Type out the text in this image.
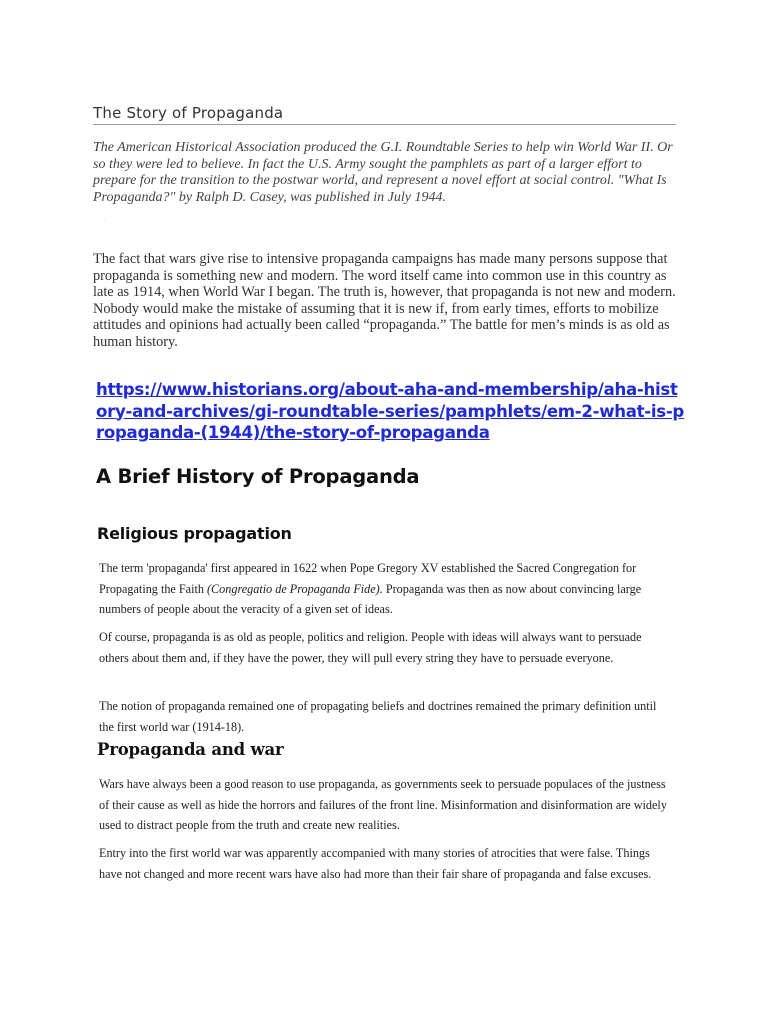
The Story of Propaganda

The American Historical Association produced the G.I. Roundtable Series to help win World War II. Or so they were led to believe. In fact the U.S. Army sought the pamphlets as part of a larger effort to prepare for the transition to the postwar world, and represent a novel effort at social control. "What Is Propaganda?" by Ralph D. Casey, was published in July 1944.

·

The fact that wars give rise to intensive propaganda campaigns has made many persons suppose that propaganda is something new and modern. The word itself came into common use in this country as late as 1914, when World War I began. The truth is, however, that propaganda is not new and modern. Nobody would make the mistake of assuming that it is new if, from early times, efforts to mobilize attitudes and opinions had actually been called “propaganda.” The battle for men’s minds is as old as human history.

https://www.historians.org/about-aha-and-membership/aha-history-and-archives/gi-roundtable-series/pamphlets/em-2-what-is-propaganda-(1944)/the-story-of-propaganda
A Brief History of Propaganda
Religious propagation

The term 'propaganda' first appeared in 1622 when Pope Gregory XV established the Sacred Congregation for Propagating the Faith (Congregatio de Propaganda Fide). Propaganda was then as now about convincing large numbers of people about the veracity of a given set of ideas.

Of course, propaganda is as old as people, politics and religion. People with ideas will always want to persuade others about them and, if they have the power, they will pull every string they have to persuade everyone.

The notion of propaganda remained one of propagating beliefs and doctrines remained the primary definition until the first world war (1914-18).

Propaganda and war

Wars have always been a good reason to use propaganda, as governments seek to persuade populaces of the justness of their cause as well as hide the horrors and failures of the front line. Misinformation and disinformation are widely used to distract people from the truth and create new realities.

Entry into the first world war was apparently accompanied with many stories of atrocities that were false. Things have not changed and more recent wars have also had more than their fair share of propaganda and false excuses.
